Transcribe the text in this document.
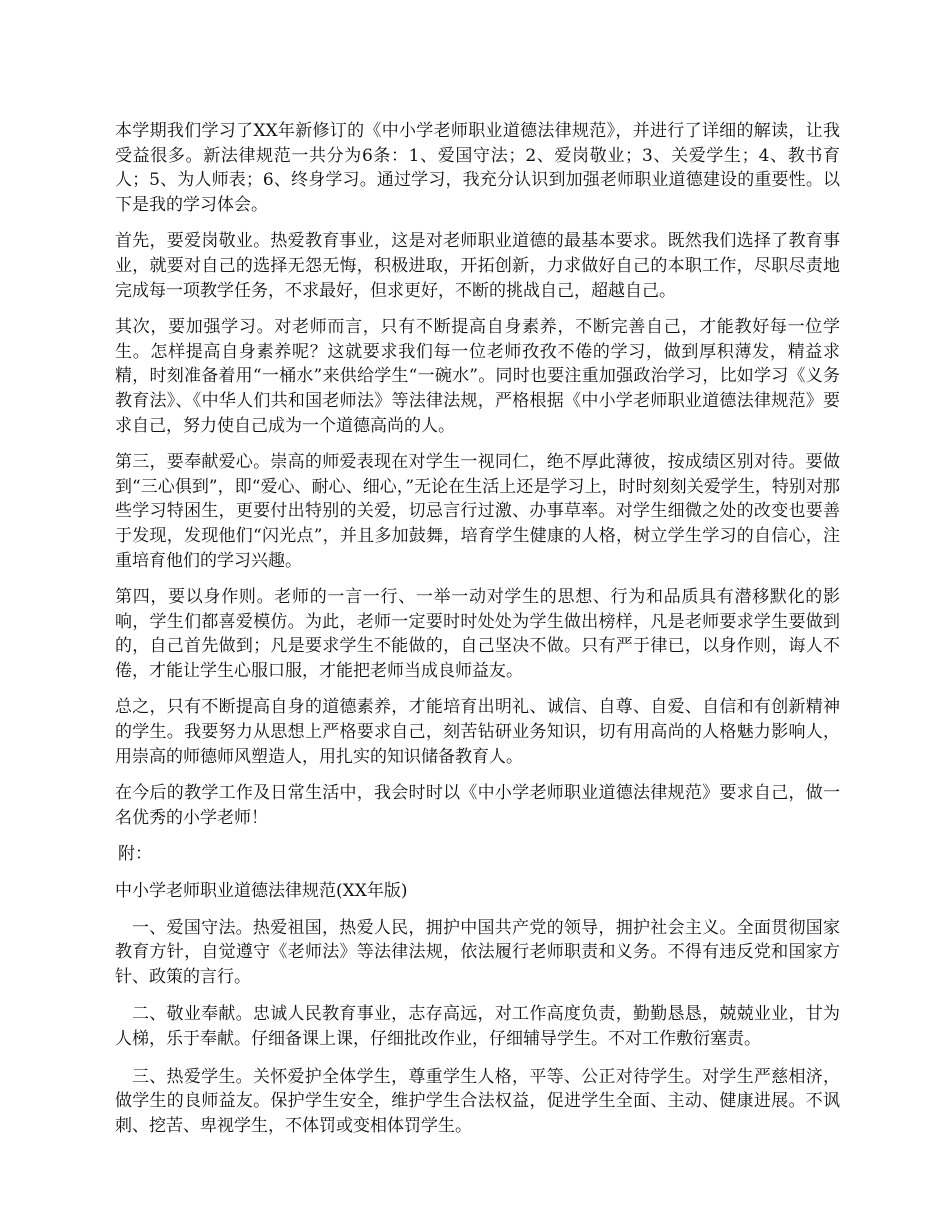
本学期我们学习了XX年新修订的《中小学老师职业道德法律规范》，并进行了详细的解读，让我受益很多。新法律规范一共分为6条：1、爱国守法；2、爱岗敬业；3、关爱学生；4、教书育人；5、为人师表；6、终身学习。通过学习，我充分认识到加强老师职业道德建设的重要性。以下是我的学习体会。

首先，要爱岗敬业。热爱教育事业，这是对老师职业道德的最基本要求。既然我们选择了教育事业，就要对自己的选择无怨无悔，积极进取，开拓创新，力求做好自己的本职工作，尽职尽责地完成每一项教学任务，不求最好，但求更好，不断的挑战自己，超越自己。

其次，要加强学习。对老师而言，只有不断提高自身素养，不断完善自己，才能教好每一位学生。怎样提高自身素养呢？这就要求我们每一位老师孜孜不倦的学习，做到厚积薄发，精益求精，时刻准备着用“一桶水”来供给学生“一碗水”。同时也要注重加强政治学习，比如学习《义务教育法》、《中华人们共和国老师法》等法律法规，严格根据《中小学老师职业道德法律规范》要求自己，努力使自己成为一个道德高尚的人。

第三，要奉献爱心。崇高的师爱表现在对学生一视同仁，绝不厚此薄彼，按成绩区别对待。要做到“三心俱到”，即“爱心、耐心、细心，”无论在生活上还是学习上，时时刻刻关爱学生，特别对那些学习特困生，更要付出特别的关爱，切忌言行过激、办事草率。对学生细微之处的改变也要善于发现，发现他们“闪光点”，并且多加鼓舞，培育学生健康的人格，树立学生学习的自信心，注重培育他们的学习兴趣。

第四，要以身作则。老师的一言一行、一举一动对学生的思想、行为和品质具有潜移默化的影响，学生们都喜爱模仿。为此，老师一定要时时处处为学生做出榜样，凡是老师要求学生要做到的，自己首先做到；凡是要求学生不能做的，自己坚决不做。只有严于律已，以身作则，诲人不倦，才能让学生心服口服，才能把老师当成良师益友。

总之，只有不断提高自身的道德素养，才能培育出明礼、诚信、自尊、自爱、自信和有创新精神的学生。我要努力从思想上严格要求自己，刻苦钻研业务知识，切有用高尚的人格魅力影响人，用崇高的师德师风塑造人，用扎实的知识储备教育人。

在今后的教学工作及日常生活中，我会时时以《中小学老师职业道德法律规范》要求自己，做一名优秀的小学老师！

附：

中小学老师职业道德法律规范(XX年版)

一、爱国守法。热爱祖国，热爱人民，拥护中国共产党的领导，拥护社会主义。全面贯彻国家教育方针，自觉遵守《老师法》等法律法规，依法履行老师职责和义务。不得有违反党和国家方针、政策的言行。

二、敬业奉献。忠诚人民教育事业，志存高远，对工作高度负责，勤勤恳恳，兢兢业业，甘为人梯，乐于奉献。仔细备课上课，仔细批改作业，仔细辅导学生。不对工作敷衍塞责。

三、热爱学生。关怀爱护全体学生，尊重学生人格，平等、公正对待学生。对学生严慈相济，做学生的良师益友。保护学生安全，维护学生合法权益，促进学生全面、主动、健康进展。不讽刺、挖苦、卑视学生，不体罚或变相体罚学生。
